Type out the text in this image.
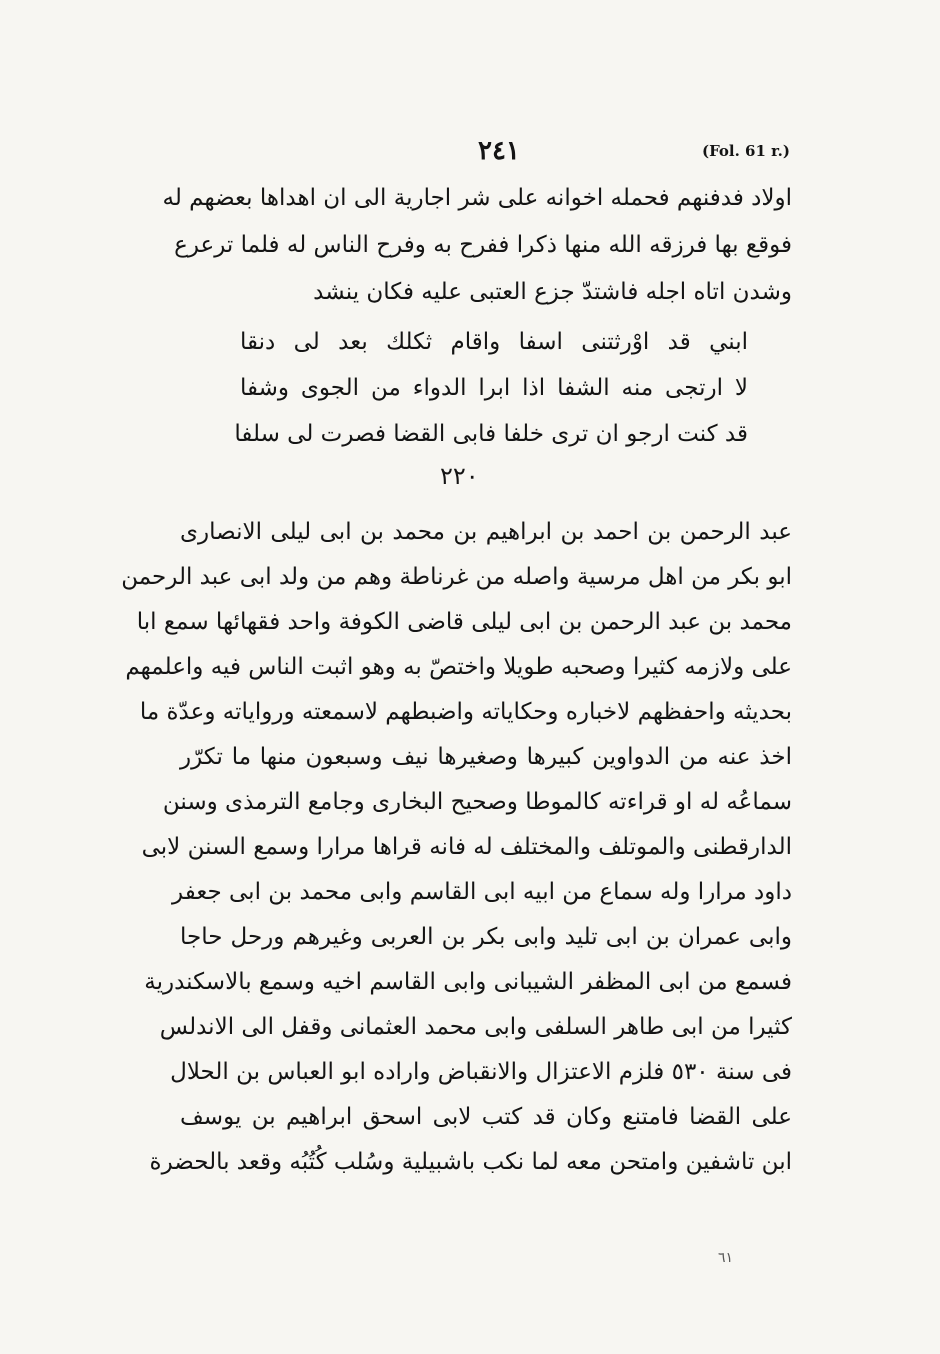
٢٤١	(Fol. 61 r.)
اولاد فدفنهم فحمله اخوانه على شر اجارية الى ان اهداها بعضهم له
فوقع بها فرزقه الله منها ذكرا ففرح به وفرح الناس له فلما ترعرع
وشدن اتاه اجله فاشتدّ جزع العتبى عليه فكان ينشد
ابني قد اوْرثتنى اسفا واقام ثكلك بعد لى دنقا
لا ارتجى منه الشفا اذا ابرا الدواء من الجوى وشفا
قد كنت ارجو ان ترى خلفا فابى القضا فصرت لى سلفا
٢٢٠
عبد الرحمن بن احمد بن ابراهيم بن محمد بن ابى ليلى الانصارى
ابو بكر من اهل مرسية واصله من غرناطة وهم من ولد ابى عبد الرحمن
محمد بن عبد الرحمن بن ابى ليلى قاضى الكوفة واحد فقهائها سمع ابا
على ولازمه كثيرا وصحبه طويلا واختصّ به وهو اثبت الناس فيه واعلمهم
بحديثه واحفظهم لاخباره وحكاياته واضبطهم لاسمعته ورواياته وعدّة ما
اخذ عنه من الدواوين كبيرها وصغيرها نيف وسبعون منها ما تكرّر
سماعُه له او قراءته كالموطا وصحيح البخارى وجامع الترمذى وسنن
الدارقطنى والموتلف والمختلف له فانه قراها مرارا وسمع السنن لابى
داود مرارا وله سماع من ابيه ابى القاسم وابى محمد بن ابى جعفر
وابى عمران بن ابى تليد وابى بكر بن العربى وغيرهم ورحل حاجا
فسمع من ابى المظفر الشيبانى وابى القاسم اخيه وسمع بالاسكندرية
كثيرا من ابى طاهر السلفى وابى محمد العثمانى وقفل الى الاندلس
فى سنة ٥٣٠ فلزم الاعتزال والانقباض واراده ابو العباس بن الحلال
على القضا فامتنع وكان قد كتب لابى اسحق ابراهيم بن يوسف
ابن تاشفين وامتحن معه لما نكب باشبيلية وسُلب كُتُبُه وقعد بالحضرة
٦١
